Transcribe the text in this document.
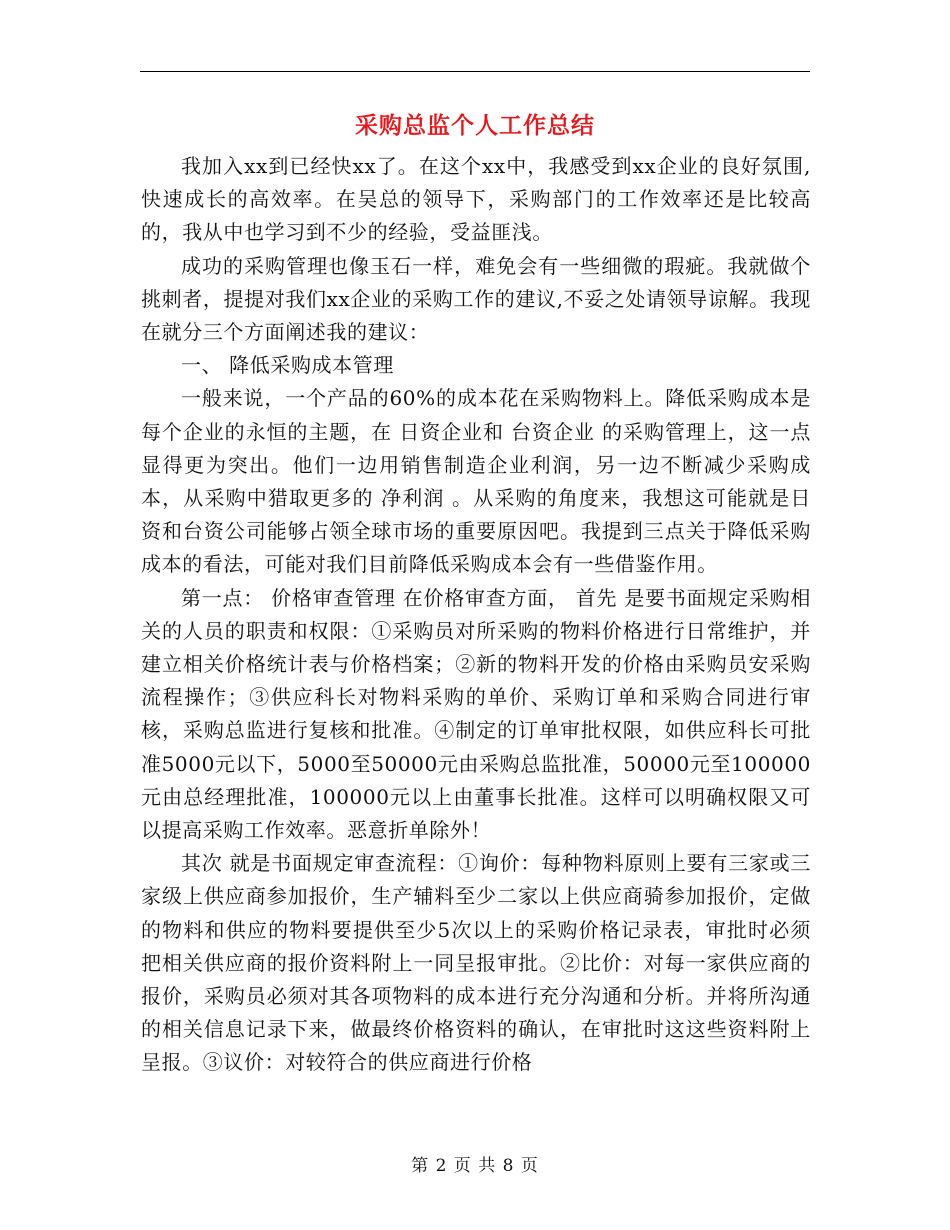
采购总监个人工作总结

我加入xx到已经快xx了。在这个xx中，我感受到xx企业的良好氛围,快速成长的高效率。在吴总的领导下，采购部门的工作效率还是比较高的，我从中也学习到不少的经验，受益匪浅。

成功的采购管理也像玉石一样，难免会有一些细微的瑕疵。我就做个挑刺者，提提对我们xx企业的采购工作的建议,不妥之处请领导谅解。我现在就分三个方面阐述我的建议：

一、 降低采购成本管理

一般来说，一个产品的60%的成本花在采购物料上。降低采购成本是每个企业的永恒的主题，在 日资企业和 台资企业 的采购管理上，这一点显得更为突出。他们一边用销售制造企业利润，另一边不断减少采购成本，从采购中猎取更多的 净利润 。从采购的角度来，我想这可能就是日资和台资公司能够占领全球市场的重要原因吧。我提到三点关于降低采购成本的看法，可能对我们目前降低采购成本会有一些借鉴作用。

第一点： 价格审查管理 在价格审查方面， 首先 是要书面规定采购相关的人员的职责和权限：①采购员对所采购的物料价格进行日常维护，并建立相关价格统计表与价格档案；②新的物料开发的价格由采购员安采购流程操作；③供应科长对物料采购的单价、采购订单和采购合同进行审核，采购总监进行复核和批准。④制定的订单审批权限，如供应科长可批准5000元以下，5000至50000元由采购总监批准，50000元至100000元由总经理批准，100000元以上由董事长批准。这样可以明确权限又可以提高采购工作效率。恶意折单除外！

其次 就是书面规定审查流程：①询价：每种物料原则上要有三家或三家级上供应商参加报价，生产辅料至少二家以上供应商骑参加报价，定做的物料和供应的物料要提供至少5次以上的采购价格记录表，审批时必须把相关供应商的报价资料附上一同呈报审批。②比价：对每一家供应商的报价，采购员必须对其各项物料的成本进行充分沟通和分析。并将所沟通的相关信息记录下来，做最终价格资料的确认，在审批时这这些资料附上呈报。③议价：对较符合的供应商进行价格

第 2 页 共 8 页
